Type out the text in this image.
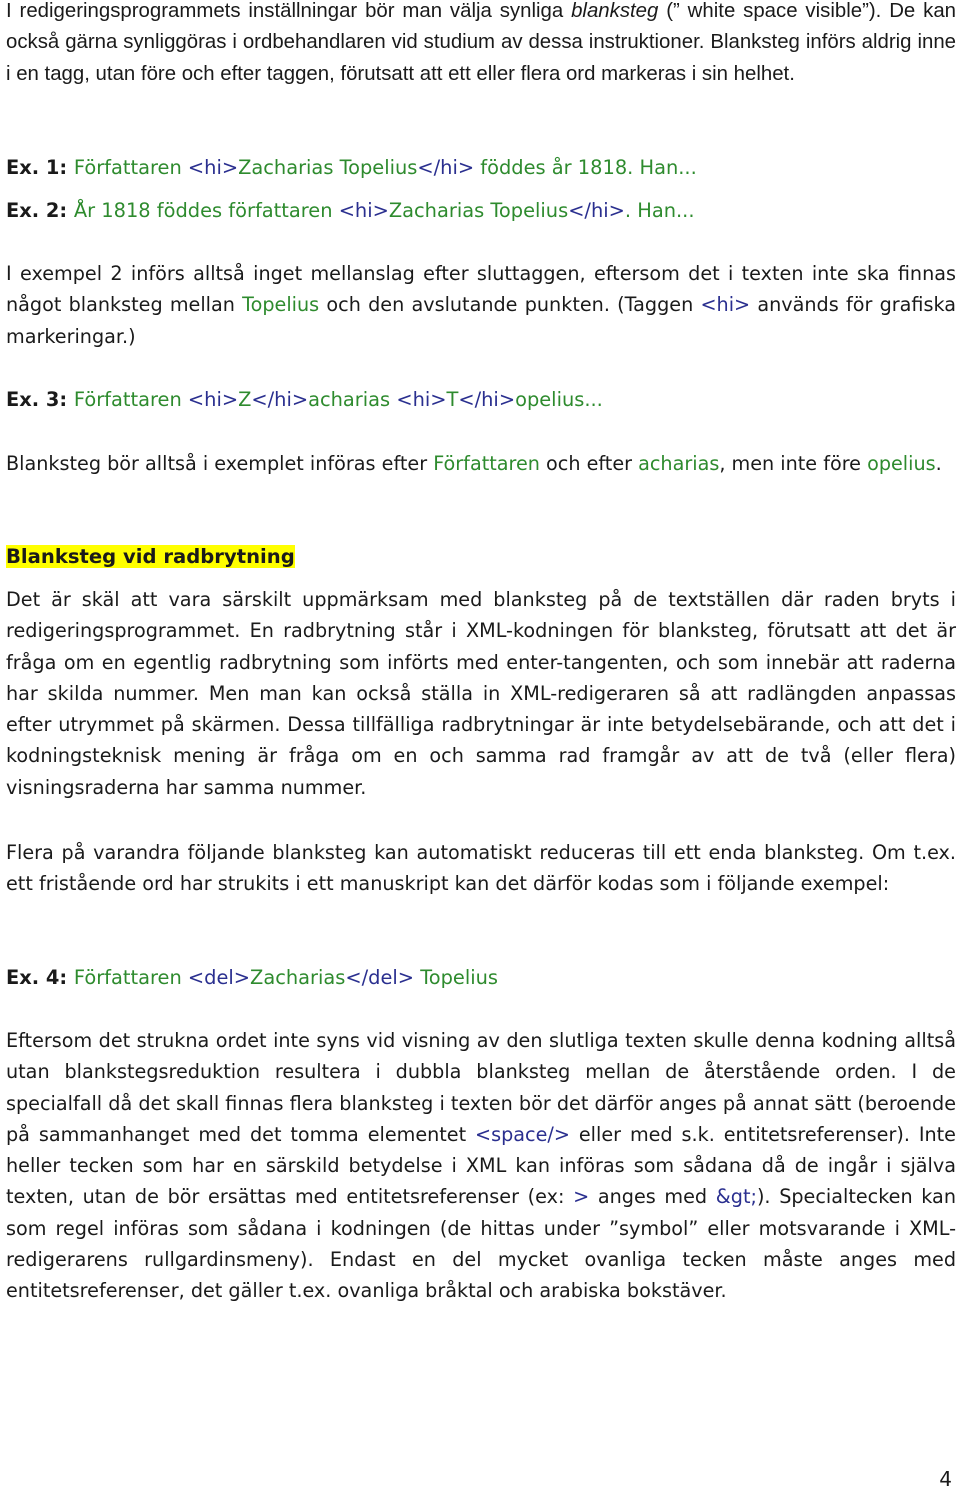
I redigeringsprogrammets inställningar bör man välja synliga blanksteg (” white space visible”). De kan också gärna synliggöras i ordbehandlaren vid studium av dessa instruktioner. Blanksteg införs aldrig inne i en tagg, utan före och efter taggen, förutsatt att ett eller flera ord markeras i sin helhet.

Ex. 1: Författaren <hi>Zacharias Topelius</hi> föddes år 1818. Han...

Ex. 2: År 1818 föddes författaren <hi>Zacharias Topelius</hi>. Han...

I exempel 2 införs alltså inget mellanslag efter sluttaggen, eftersom det i texten inte ska finnas något blanksteg mellan Topelius och den avslutande punkten. (Taggen <hi> används för grafiska markeringar.)

Ex. 3: Författaren <hi>Z</hi>acharias <hi>T</hi>opelius...

Blanksteg bör alltså i exemplet införas efter Författaren och efter acharias, men inte före opelius.

Blanksteg vid radbrytning

Det är skäl att vara särskilt uppmärksam med blanksteg på de textställen där raden bryts i redigeringsprogrammet. En radbrytning står i XML-kodningen för blanksteg, förutsatt att det är fråga om en egentlig radbrytning som införts med enter-tangenten, och som innebär att raderna har skilda nummer. Men man kan också ställa in XML-redigeraren så att radlängden anpassas efter utrymmet på skärmen. Dessa tillfälliga radbrytningar är inte betydelsebärande, och att det i kodningsteknisk mening är fråga om en och samma rad framgår av att de två (eller flera) visningsraderna har samma nummer.

Flera på varandra följande blanksteg kan automatiskt reduceras till ett enda blanksteg. Om t.ex. ett fristående ord har strukits i ett manuskript kan det därför kodas som i följande exempel:

Ex. 4: Författaren <del>Zacharias</del> Topelius

Eftersom det strukna ordet inte syns vid visning av den slutliga texten skulle denna kodning alltså utan blankstegsreduktion resultera i dubbla blanksteg mellan de återstående orden. I de specialfall då det skall finnas flera blanksteg i texten bör det därför anges på annat sätt (beroende på sammanhanget med det tomma elementet <space/> eller med s.k. entitetsreferenser). Inte heller tecken som har en särskild betydelse i XML kan införas som sådana då de ingår i själva texten, utan de bör ersättas med entitetsreferenser (ex: > anges med &gt;). Specialtecken kan som regel införas som sådana i kodningen (de hittas under ”symbol” eller motsvarande i XML-redigerarens rullgardinsmeny). Endast en del mycket ovanliga tecken måste anges med entitetsreferenser, det gäller t.ex. ovanliga bråktal och arabiska bokstäver.

4
